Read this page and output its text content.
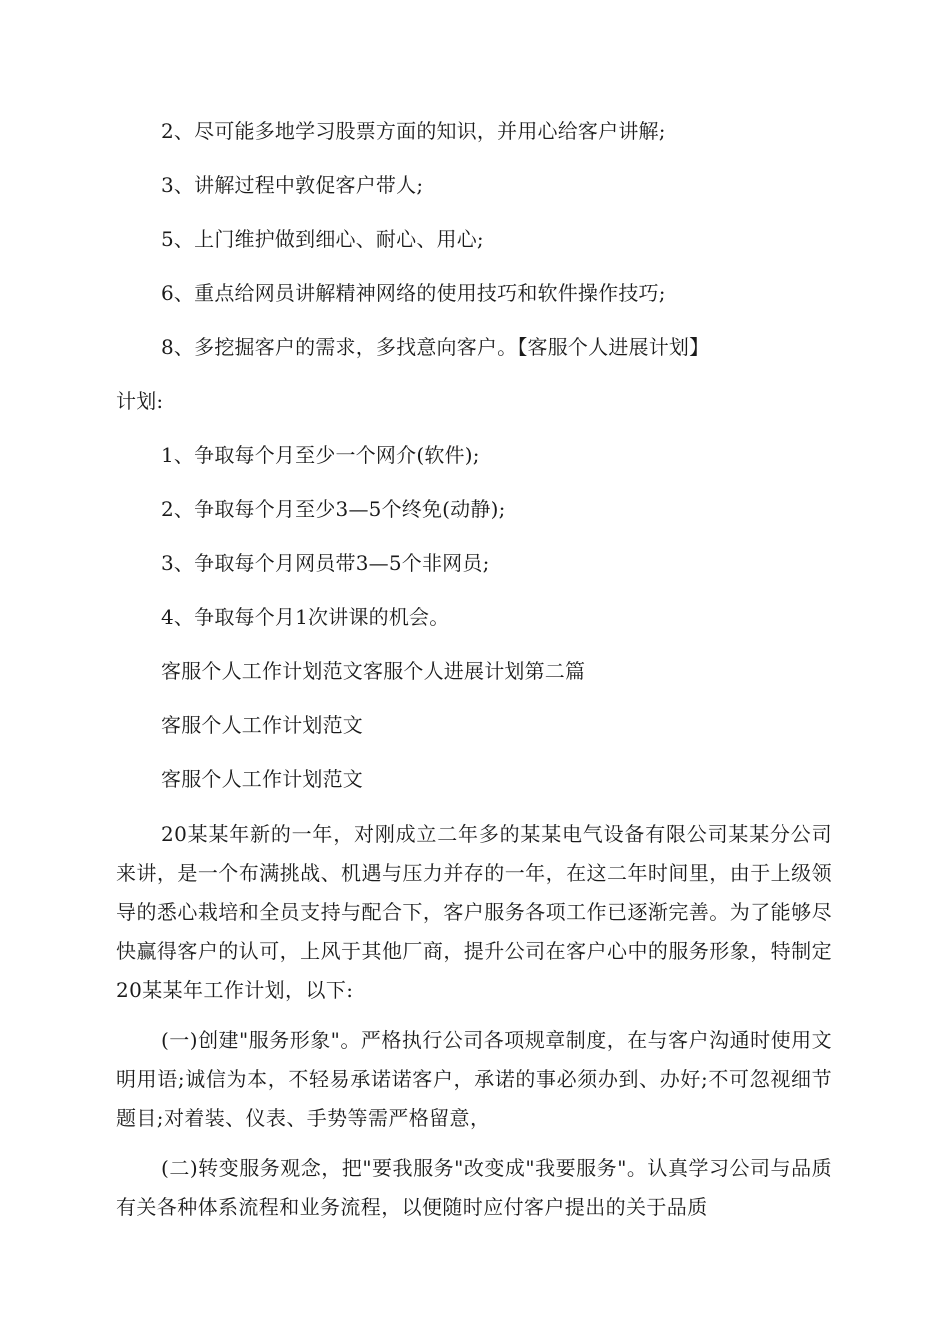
2、尽可能多地学习股票方面的知识，并用心给客户讲解;
3、讲解过程中敦促客户带人;
5、上门维护做到细心、耐心、用心;
6、重点给网员讲解精神网络的使用技巧和软件操作技巧;
8、多挖掘客户的需求，多找意向客户。【客服个人进展计划】
计划:
1、争取每个月至少一个网介(软件);
2、争取每个月至少3—5个终免(动静);
3、争取每个月网员带3—5个非网员;
4、争取每个月1次讲课的机会。
客服个人工作计划范文客服个人进展计划第二篇
客服个人工作计划范文
客服个人工作计划范文
20某某年新的一年，对刚成立二年多的某某电气设备有限公司某某分公司来讲，是一个布满挑战、机遇与压力并存的一年，在这二年时间里，由于上级领导的悉心栽培和全员支持与配合下，客户服务各项工作已逐渐完善。为了能够尽快赢得客户的认可，上风于其他厂商，提升公司在客户心中的服务形象，特制定20某某年工作计划，以下:
(一)创建"服务形象"。严格执行公司各项规章制度，在与客户沟通时使用文明用语;诚信为本，不轻易承诺诺客户，承诺的事必须办到、办好;不可忽视细节题目;对着装、仪表、手势等需严格留意，
(二)转变服务观念，把"要我服务"改变成"我要服务"。认真学习公司与品质有关各种体系流程和业务流程，以便随时应付客户提出的关于品质
